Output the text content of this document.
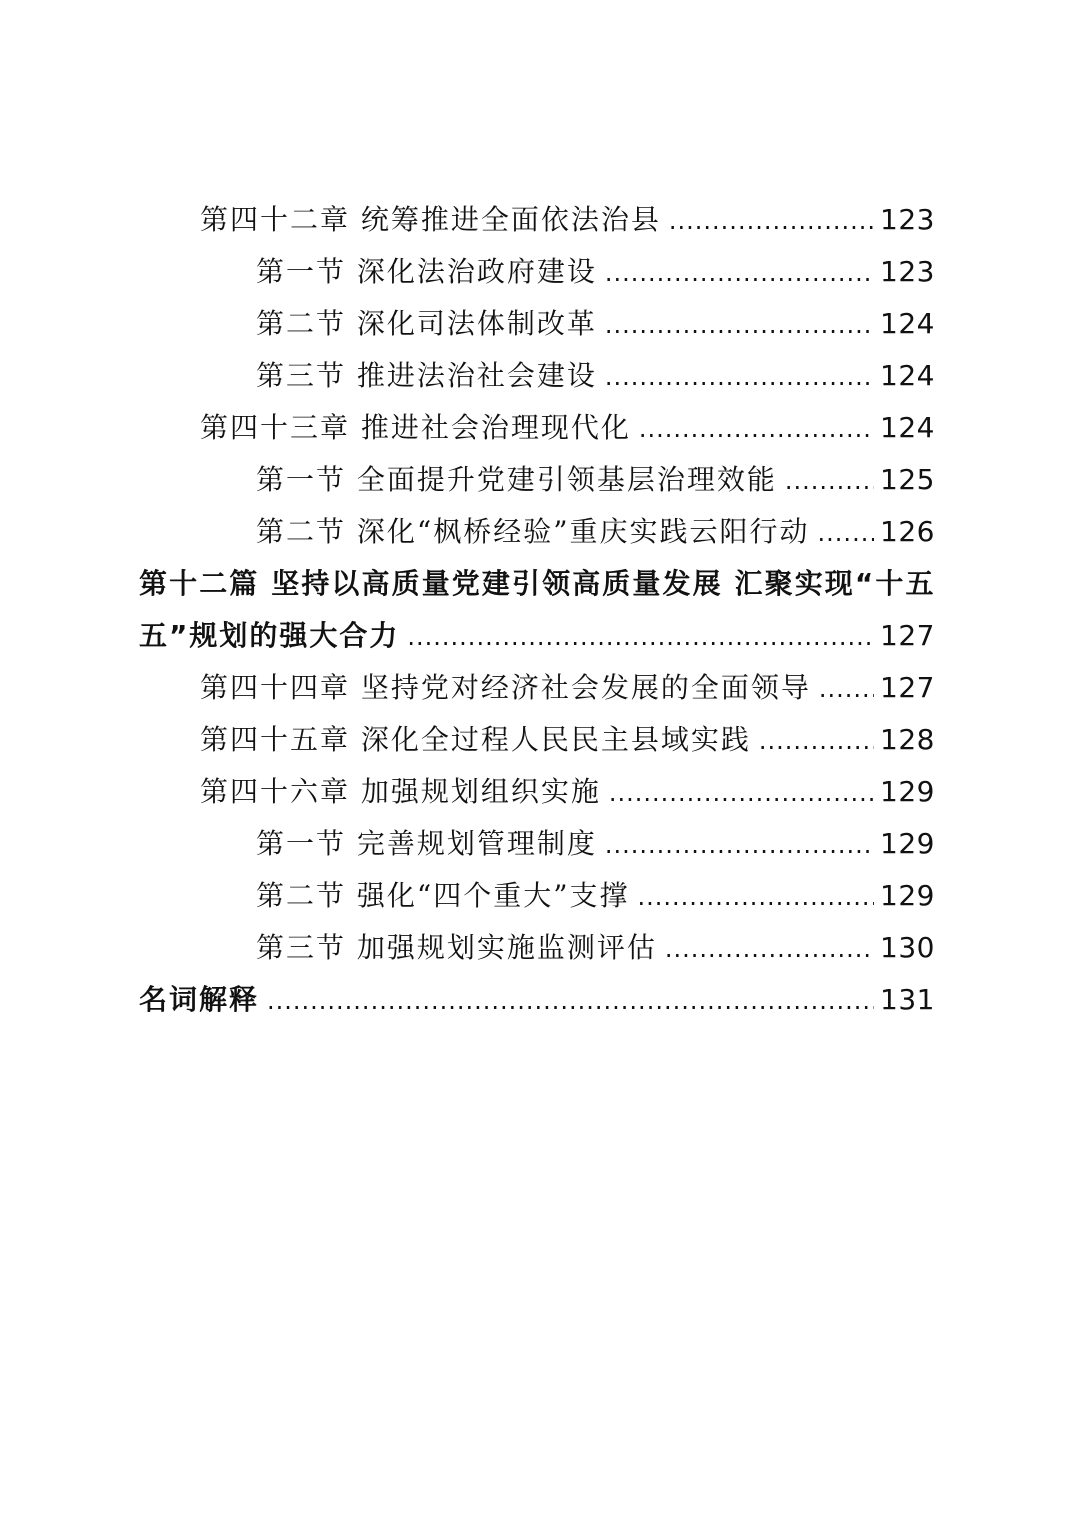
第四十二章 统筹推进全面依法治县 .....	123
第一节 深化法治政府建设 .....	123
第二节 深化司法体制改革 .....	124
第三节 推进法治社会建设 .....	124
第四十三章 推进社会治理现代化 .....	124
第一节 全面提升党建引领基层治理效能 .....	125
第二节 深化“枫桥经验”重庆实践云阳行动 .....	126
第十二篇 坚持以高质量党建引领高质量发展 汇聚实现“十五
五”规划的强大合力 .....	127
第四十四章 坚持党对经济社会发展的全面领导 ..... 127
第四十五章 深化全过程人民民主县域实践 .....	128
第四十六章 加强规划组织实施 .....	129
第一节 完善规划管理制度 .....	129
第二节 强化“四个重大”支撑 .....	129
第三节 加强规划实施监测评估 .....	130
名词解释 .....	131
